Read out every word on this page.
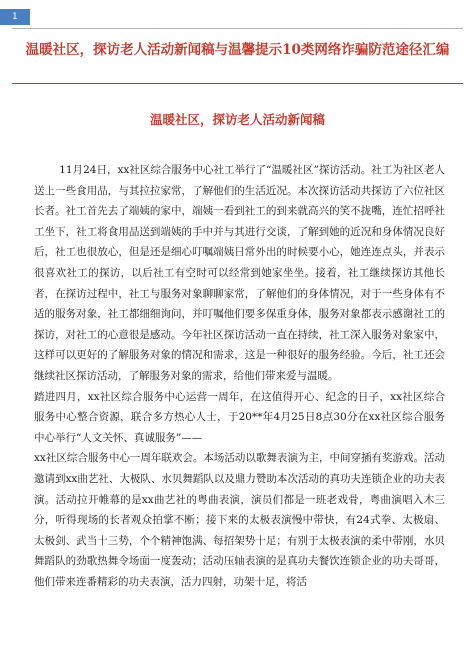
1
温暖社区，探访老人活动新闻稿与温馨提示10类网络诈骗防范途径汇编
温暖社区，探访老人活动新闻稿

11月24日，xx社区综合服务中心社工举行了“温暖社区”探访活动。社工为社区老人送上一些食用品，与其拉拉家常，了解他们的生活近况。本次探访活动共探访了六位社区长者。社工首先去了端姨的家中，端姨一看到社工的到来就高兴的笑不拢嘴，连忙招呼社工坐下，社工将食用品送到端姨的手中并与其进行交谈，了解到她的近况和身体情况良好后，社工也很放心，但是还是细心叮嘱端姨日常外出的时候要小心，她连连点头，并表示很喜欢社工的探访，以后社工有空时可以经常到她家坐坐。接着，社工继续探访其他长者，在探访过程中，社工与服务对象聊聊家常，了解他们的身体情况，对于一些身体有不适的服务对象，社工都细细询问，并叮嘱他们要多保重身体，服务对象都表示感谢社工的探访，对社工的心意很是感动。今年社区探访活动一直在持续，社工深入服务对象家中，这样可以更好的了解服务对象的情况和需求，这是一种很好的服务经验。今后，社工还会继续社区探访活动，了解服务对象的需求，给他们带来爱与温暖。

踏进四月，xx社区综合服务中心运营一周年，在这值得开心、纪念的日子，xx社区综合服务中心整合资源，联合多方热心人士，于20**年4月25日8点30分在xx社区综合服务中心举行“人文关怀、真诚服务”——

xx社区综合服务中心一周年联欢会。本场活动以歌舞表演为主，中间穿插有奖游戏。活动邀请到xx曲艺社、大极队、水贝舞蹈队以及鼎力赞助本次活动的真功夫连锁企业的功夫表演。活动拉开帷幕的是xx曲艺社的粤曲表演，演员们都是一班老戏骨，粤曲演唱入木三分，听得现场的长者观众拍掌不断；接下来的太极表演慢中带快，有24式拳、太极扇、太极剑、武当十三势，个个精神饱满、每招架势十足；有别于太极表演的柔中带刚，水贝舞蹈队的劲歌热舞令场面一度轰动；活动压轴表演的是真功夫餐饮连锁企业的功夫哥哥，他们带来连番精彩的功夫表演，活力四射，功架十足，将活
